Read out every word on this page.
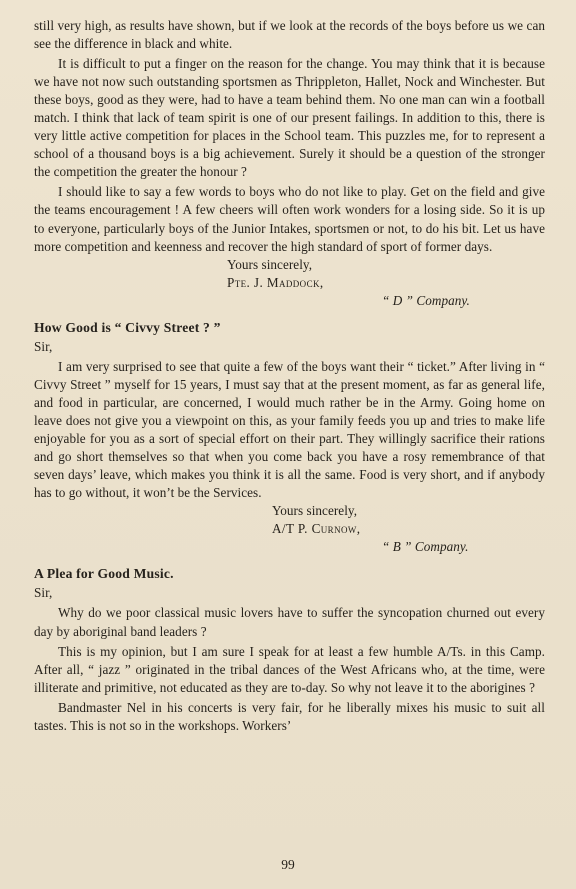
still very high, as results have shown, but if we look at the records of the boys before us we can see the difference in black and white.

It is difficult to put a finger on the reason for the change. You may think that it is because we have not now such outstanding sportsmen as Thrippleton, Hallet, Nock and Winchester. But these boys, good as they were, had to have a team behind them. No one man can win a football match. I think that lack of team spirit is one of our present failings. In addition to this, there is very little active competition for places in the School team. This puzzles me, for to represent a school of a thousand boys is a big achievement. Surely it should be a question of the stronger the competition the greater the honour ?

I should like to say a few words to boys who do not like to play. Get on the field and give the teams encouragement ! A few cheers will often work wonders for a losing side. So it is up to everyone, particularly boys of the Junior Intakes, sportsmen or not, to do his bit. Let us have more competition and keenness and recover the high standard of sport of former days.

Yours sincerely,

Pte. J. Maddock,

“ D ” Company.

How Good is “ Civvy Street ? ”

Sir,

I am very surprised to see that quite a few of the boys want their “ ticket.” After living in “ Civvy Street ” myself for 15 years, I must say that at the present moment, as far as general life, and food in particular, are concerned, I would much rather be in the Army. Going home on leave does not give you a viewpoint on this, as your family feeds you up and tries to make life enjoyable for you as a sort of special effort on their part. They willingly sacrifice their rations and go short themselves so that when you come back you have a rosy remembrance of that seven days’ leave, which makes you think it is all the same. Food is very short, and if anybody has to go without, it won’t be the Services.

Yours sincerely,

A/T P. Curnow,

“ B ” Company.

A Plea for Good Music.

Sir,

Why do we poor classical music lovers have to suffer the syncopation churned out every day by aboriginal band leaders ?

This is my opinion, but I am sure I speak for at least a few humble A/Ts. in this Camp. After all, “ jazz ” originated in the tribal dances of the West Africans who, at the time, were illiterate and primitive, not educated as they are to-day. So why not leave it to the aborigines ?

Bandmaster Nel in his concerts is very fair, for he liberally mixes his music to suit all tastes. This is not so in the workshops. Workers’

99
